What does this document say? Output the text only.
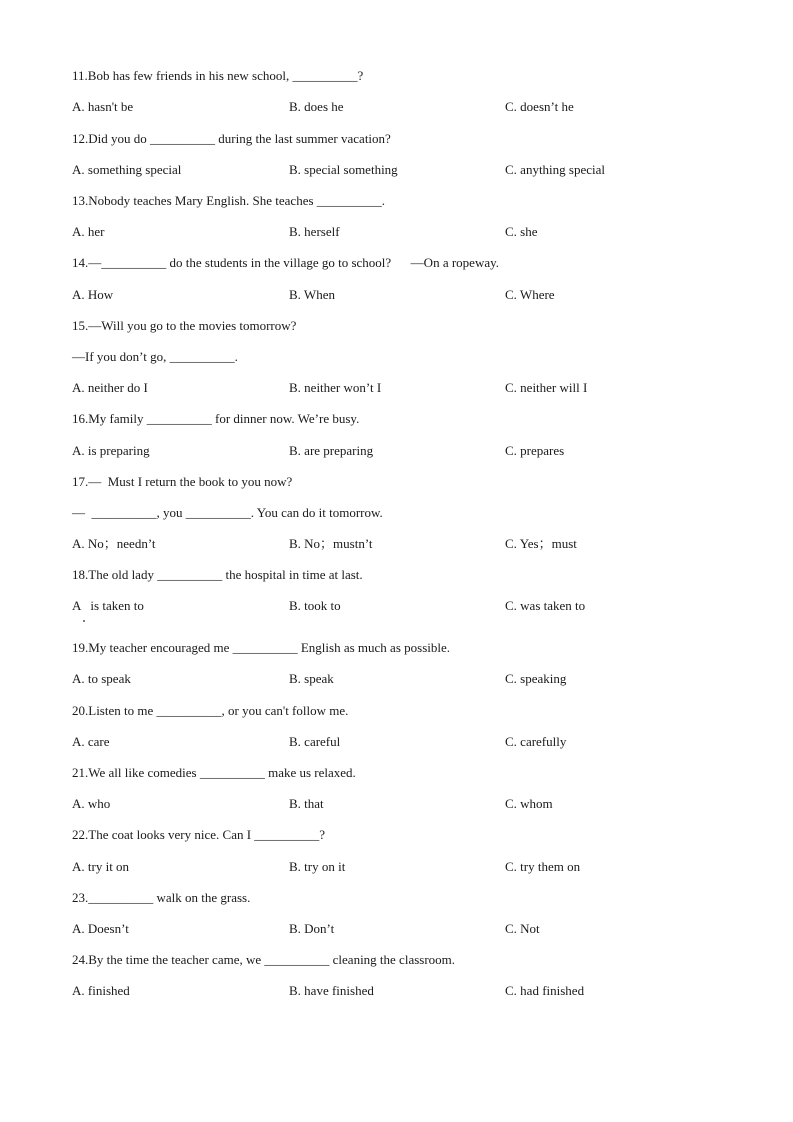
11.Bob has few friends in his new school, __________?
A. hasn't be	B. does he	C. doesn’t he
12.Did you do __________ during the last summer vacation?
A. something special	B. special something	C. anything special
13.Nobody teaches Mary English. She teaches __________.
A. her	B. herself	C. she
14.—__________ do the students in the village go to school?      —On a ropeway.
A. How	B. When	C. Where
15.—Will you go to the movies tomorrow?
—If you don’t go, __________.
A. neither do I	B. neither won’t I	C. neither will I
16.My family __________ for dinner now. We’re busy.
A. is preparing	B. are preparing	C. prepares
17.—  Must I return the book to you now?
—  __________, you __________. You can do it tomorrow.
A. No；needn’t	B. No；mustn’t	C. Yes；must
18.The old lady __________ the hospital in time at last.
A   is taken to	B. took to	C. was taken to
19.My teacher encouraged me __________ English as much as possible.
A. to speak	B. speak	C. speaking
20.Listen to me __________, or you can't follow me.
A. care	B. careful	C. carefully
21.We all like comedies __________ make us relaxed.
A. who	B. that	C. whom
22.The coat looks very nice. Can I __________?
A. try it on	B. try on it	C. try them on
23.__________ walk on the grass.
A. Doesn’t	B. Don’t	C. Not
24.By the time the teacher came, we __________ cleaning the classroom.
A. finished	B. have finished	C. had finished
